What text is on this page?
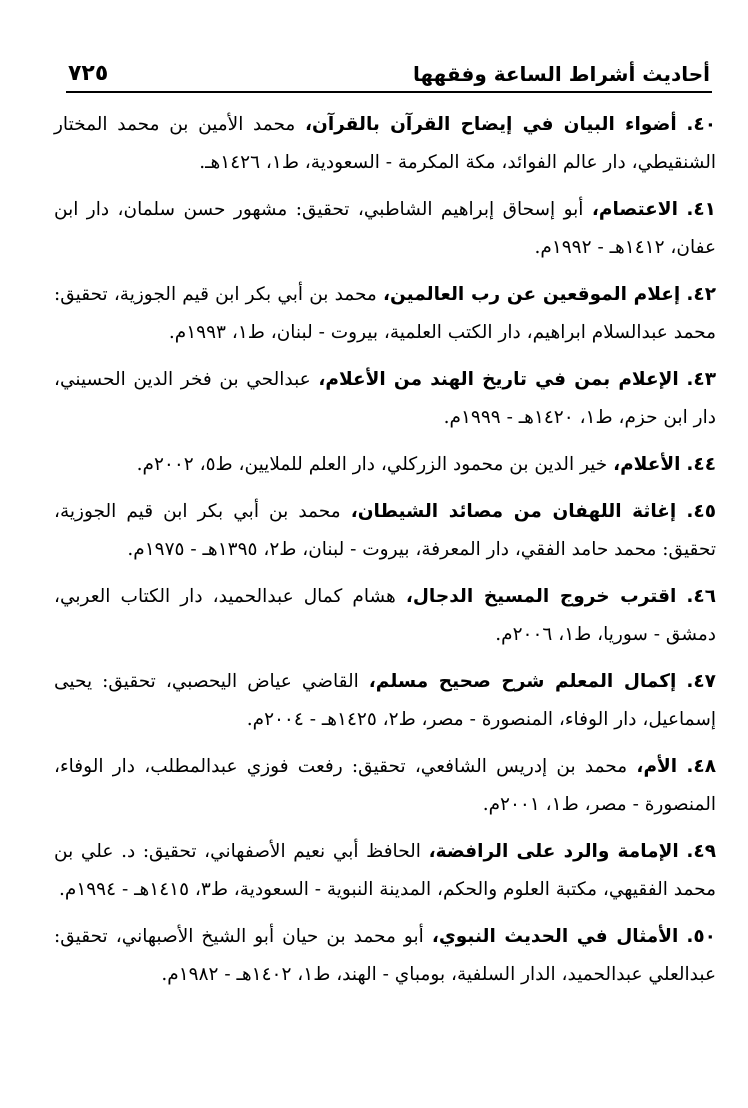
أحاديث أشراط الساعة وفقهها
٧٢٥

٤٠. أضواء البيان في إيضاح القرآن بالقرآن، محمد الأمين بن محمد المختار الشنقيطي، دار عالم الفوائد، مكة المكرمة - السعودية، ط١، ١٤٢٦هـ.

٤١. الاعتصام، أبو إسحاق إبراهيم الشاطبي، تحقيق: مشهور حسن سلمان، دار ابن عفان، ١٤١٢هـ - ١٩٩٢م.

٤٢. إعلام الموقعين عن رب العالمين، محمد بن أبي بكر ابن قيم الجوزية، تحقيق: محمد عبدالسلام ابراهيم، دار الكتب العلمية، بيروت - لبنان، ط١، ١٩٩٣م.

٤٣. الإعلام بمن في تاريخ الهند من الأعلام، عبدالحي بن فخر الدين الحسيني، دار ابن حزم، ط١، ١٤٢٠هـ - ١٩٩٩م.

٤٤. الأعلام، خير الدين بن محمود الزركلي، دار العلم للملايين، ط٥، ٢٠٠٢م.

٤٥. إغاثة اللهفان من مصائد الشيطان، محمد بن أبي بكر ابن قيم الجوزية، تحقيق: محمد حامد الفقي، دار المعرفة، بيروت - لبنان، ط٢، ١٣٩٥هـ - ١٩٧٥م.

٤٦. اقترب خروج المسيخ الدجال، هشام كمال عبدالحميد، دار الكتاب العربي، دمشق - سوريا، ط١، ٢٠٠٦م.

٤٧. إكمال المعلم شرح صحيح مسلم، القاضي عياض اليحصبي، تحقيق: يحيى إسماعيل، دار الوفاء، المنصورة - مصر، ط٢، ١٤٢٥هـ - ٢٠٠٤م.

٤٨. الأم، محمد بن إدريس الشافعي، تحقيق: رفعت فوزي عبدالمطلب، دار الوفاء، المنصورة - مصر، ط١، ٢٠٠١م.

٤٩. الإمامة والرد على الرافضة، الحافظ أبي نعيم الأصفهاني، تحقيق: د. علي بن محمد الفقيهي، مكتبة العلوم والحكم، المدينة النبوية - السعودية، ط٣، ١٤١٥هـ - ١٩٩٤م.

٥٠. الأمثال في الحديث النبوي، أبو محمد بن حيان أبو الشيخ الأصبهاني، تحقيق: عبدالعلي عبدالحميد، الدار السلفية، بومباي - الهند، ط١، ١٤٠٢هـ - ١٩٨٢م.
